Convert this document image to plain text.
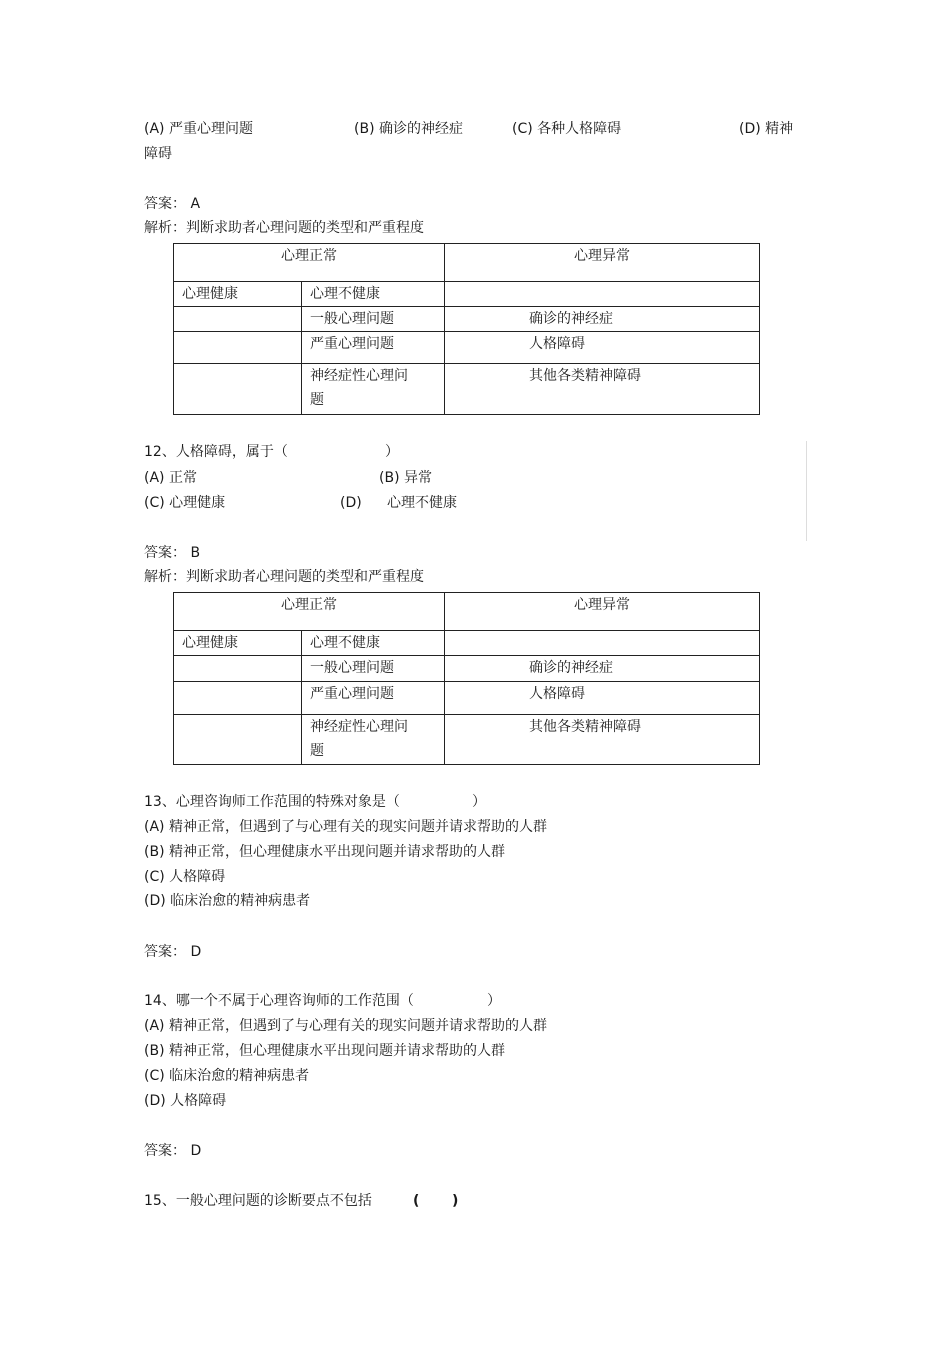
(A) 严重心理问题	(B) 确诊的神经症	(C) 各种人格障碍	(D) 精神
障碍
答案： A
解析：判断求助者心理问题的类型和严重程度
心理正常		心理异常
心理健康	心理不健康	
	一般心理问题	确诊的神经症
	严重心理问题	人格障碍
	神经症性心理问
题	其他各类精神障碍
12、人格障碍，属于（	）
(A) 正常	(B) 异常
(C) 心理健康	(D) 心理不健康
答案： B
解析：判断求助者心理问题的类型和严重程度
心理正常		心理异常
心理健康	心理不健康	
	一般心理问题	确诊的神经症
	严重心理问题	人格障碍
	神经症性心理问
题	其他各类精神障碍
13、心理咨询师工作范围的特殊对象是（	）
(A) 精神正常，但遇到了与心理有关的现实问题并请求帮助的人群
(B) 精神正常，但心理健康水平出现问题并请求帮助的人群
(C) 人格障碍
(D) 临床治愈的精神病患者
答案： D
14、哪一个不属于心理咨询师的工作范围（	）
(A) 精神正常，但遇到了与心理有关的现实问题并请求帮助的人群
(B) 精神正常，但心理健康水平出现问题并请求帮助的人群
(C) 临床治愈的精神病患者
(D) 人格障碍
答案： D
15、一般心理问题的诊断要点不包括	( )
